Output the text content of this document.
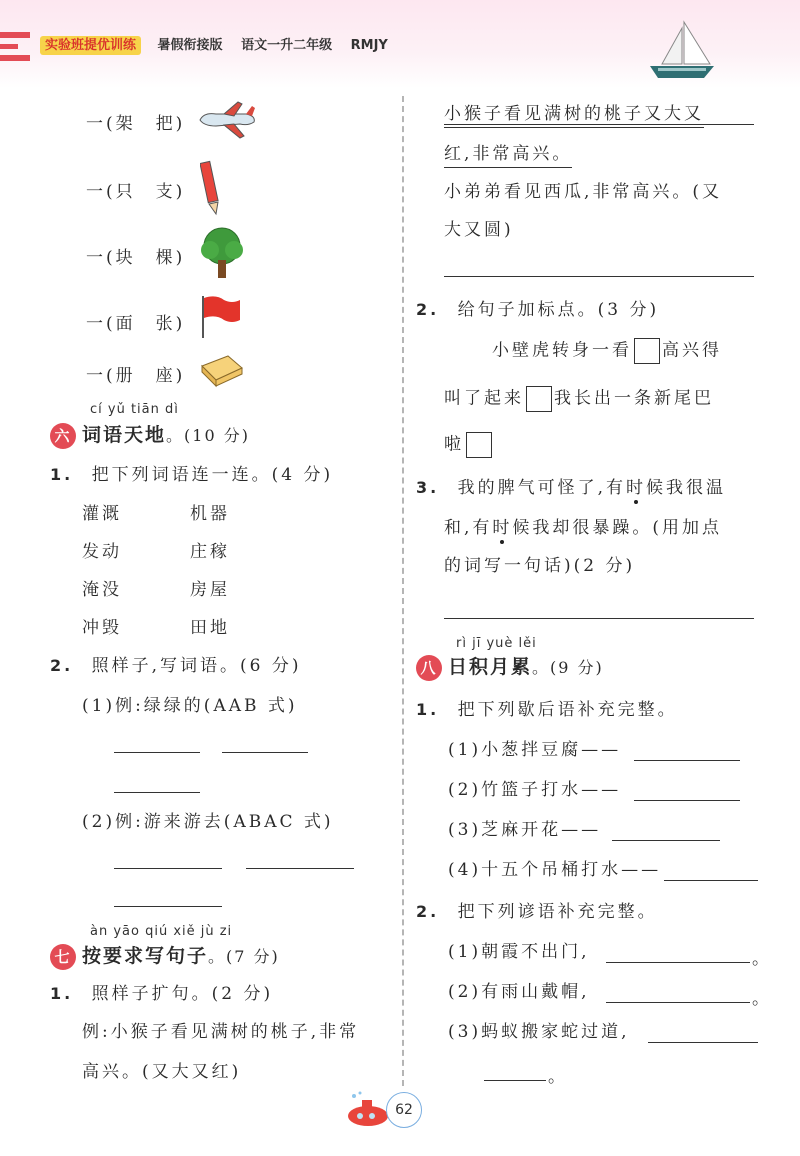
实验班提优训练 暑假衔接版 语文一升二年级 RMJY
一(架　把)
一(只　支)
一(块　棵)
一(面　张)
一(册　座)
cí yǔ tiān dì
六 词语天地。(10 分)
1. 把下列词语连一连。(4 分)
灌溉	机器
发动	庄稼
淹没	房屋
冲毁	田地
2. 照样子,写词语。(6 分)
(1)例:绿绿的(AAB 式)
(2)例:游来游去(ABAC 式)
àn yāo qiú xiě jù zi
七 按要求写句子。(7 分)
1. 照样子扩句。(2 分)
例:小猴子看见满树的桃子,非常
高兴。(又大又红)
小猴子看见满树的桃子又大又
红,非常高兴。
小弟弟看见西瓜,非常高兴。(又
大又圆)
2. 给句子加标点。(3 分)
小壁虎转身一看 高兴得
叫了起来 我长出一条新尾巴
啦
3. 我的脾气可怪了,有时候我很温
和,有时候我却很暴躁。(用加点
的词写一句话)(2 分)
rì jī yuè lěi
八 日积月累。(9 分)
1. 把下列歇后语补充完整。
(1)小葱拌豆腐——
(2)竹篮子打水——
(3)芝麻开花——
(4)十五个吊桶打水——
2. 把下列谚语补充完整。
(1)朝霞不出门,	。
(2)有雨山戴帽,	。
(3)蚂蚁搬家蛇过道,
。
62
